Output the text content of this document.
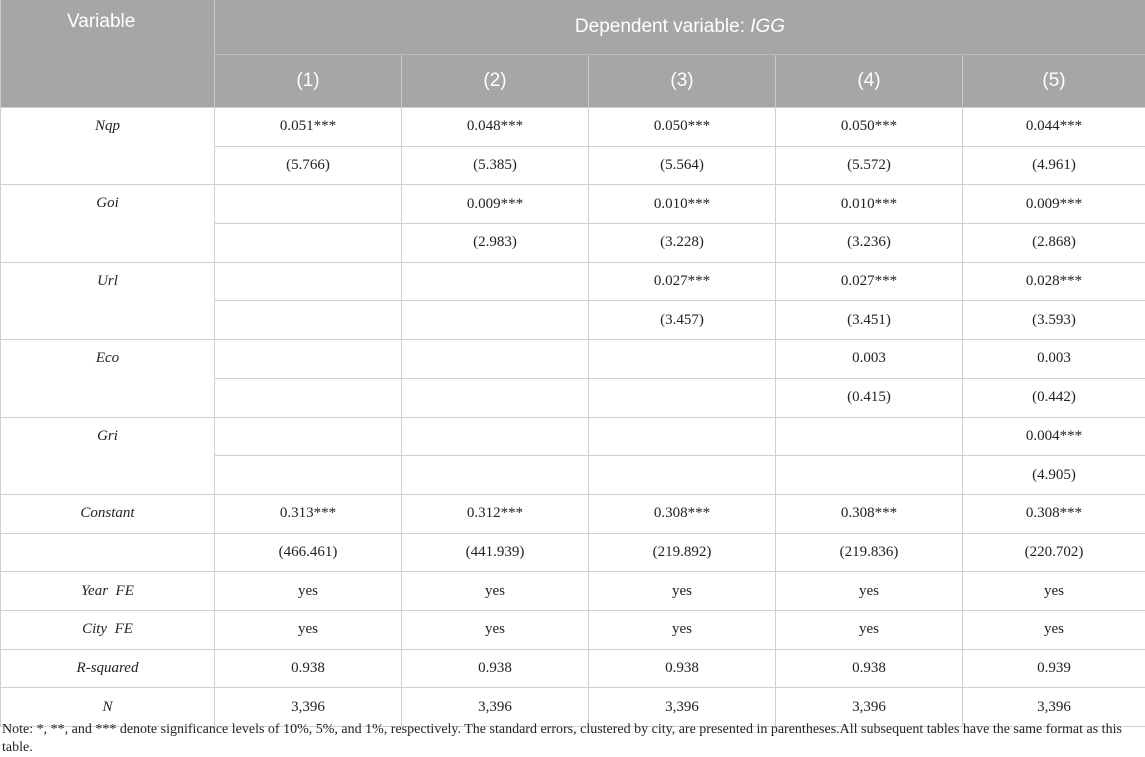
Variable	Dependent variable: IGG				
	(1)	(2)	(3)	(4)	(5)
Nqp	0.051***	0.048***	0.050***	0.050***	0.044***
	(5.766)	(5.385)	(5.564)	(5.572)	(4.961)
Goi		0.009***	0.010***	0.010***	0.009***
		(2.983)	(3.228)	(3.236)	(2.868)
Url			0.027***	0.027***	0.028***
			(3.457)	(3.451)	(3.593)
Eco				0.003	0.003
				(0.415)	(0.442)
Gri					0.004***
					(4.905)
Constant	0.313***	0.312***	0.308***	0.308***	0.308***
	(466.461)	(441.939)	(219.892)	(219.836)	(220.702)
Year  FE	yes	yes	yes	yes	yes
City  FE	yes	yes	yes	yes	yes
R-squared	0.938	0.938	0.938	0.938	0.939
N	3,396	3,396	3,396	3,396	3,396
Note: *, **, and *** denote significance levels of 10%, 5%, and 1%, respectively. The standard errors, clustered by city, are presented in parentheses.All subsequent tables have the same format as this table.
